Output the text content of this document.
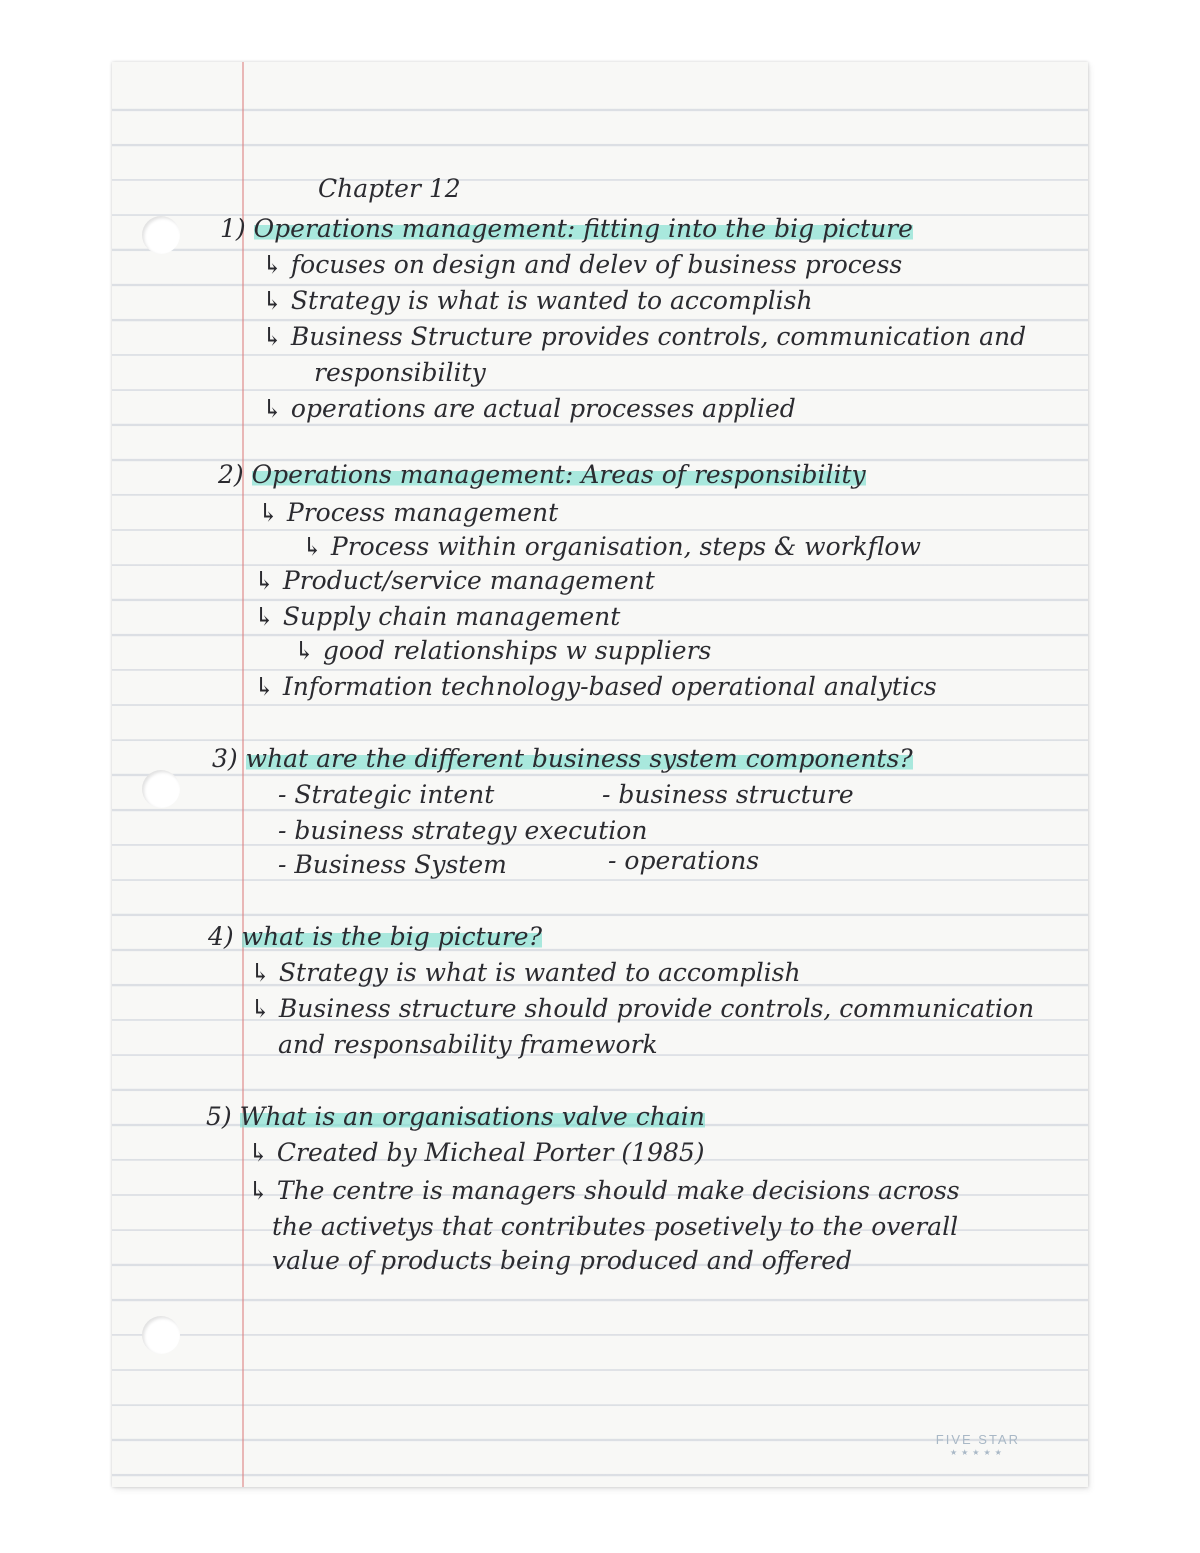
Chapter 12
1) Operations management: fitting into the big picture
↳ focuses on design and delev of business process
↳ Strategy is what is wanted to accomplish
↳ Business Structure provides controls, communication and
responsibility
↳ operations are actual processes applied
2) Operations management: Areas of responsibility
↳ Process management
↳ Process within organisation, steps & workflow
↳ Product/service management
↳ Supply chain management
↳ good relationships w suppliers
↳ Information technology-based operational analytics
3) what are the different business system components?
- Strategic intent	- business structure
- business strategy execution
- Business System	- operations
4) what is the big picture?
↳ Strategy is what is wanted to accomplish
↳ Business structure should provide controls, communication
and responsability framework
5) What is an organisations valve chain
↳ Created by Micheal Porter (1985)
↳ The centre is managers should make decisions across
the activetys that contributes posetively to the overall
value of products being produced and offered
FIVE STAR
★★★★★
